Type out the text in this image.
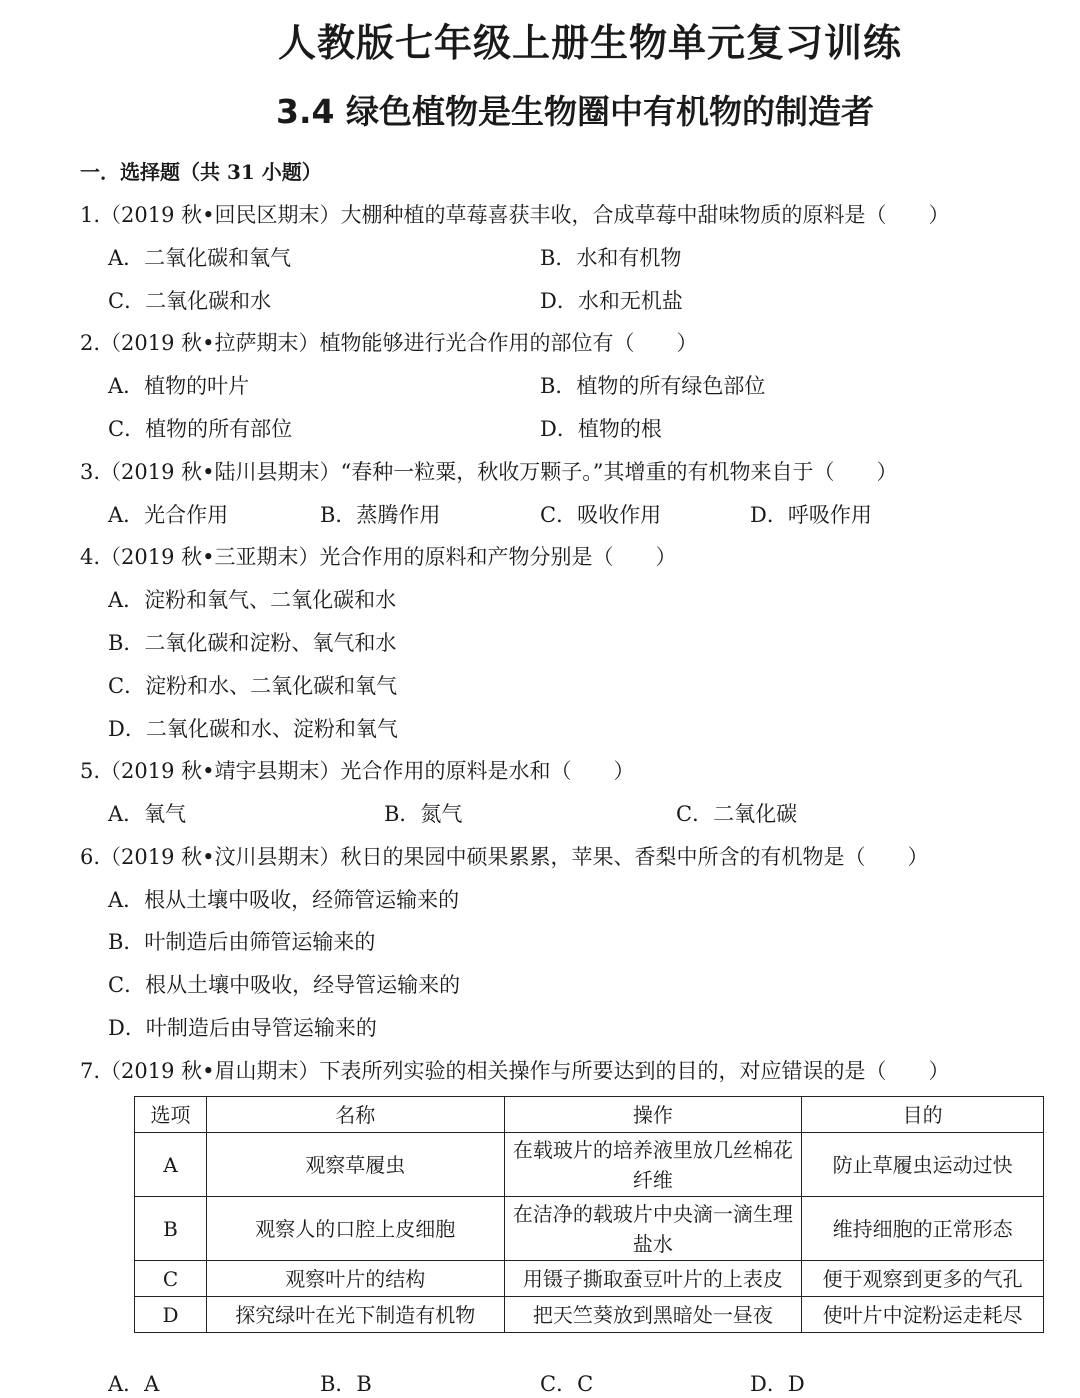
人教版七年级上册生物单元复习训练
3.4 绿色植物是生物圈中有机物的制造者
一．选择题（共 31 小题）
1.（2019 秋•回民区期末）大棚种植的草莓喜获丰收，合成草莓中甜味物质的原料是（　　）
A．二氧化碳和氧气	B．水和有机物
C．二氧化碳和水	D．水和无机盐
2.（2019 秋•拉萨期末）植物能够进行光合作用的部位有（　　）
A．植物的叶片	B．植物的所有绿色部位
C．植物的所有部位	D．植物的根
3.（2019 秋•陆川县期末）“春种一粒粟，秋收万颗子。”其增重的有机物来自于（　　）
A．光合作用	B．蒸腾作用	C．吸收作用	D．呼吸作用
4.（2019 秋•三亚期末）光合作用的原料和产物分别是（　　）
A．淀粉和氧气、二氧化碳和水
B．二氧化碳和淀粉、氧气和水
C．淀粉和水、二氧化碳和氧气
D．二氧化碳和水、淀粉和氧气
5.（2019 秋•靖宇县期末）光合作用的原料是水和（　　）
A．氧气	B．氮气	C．二氧化碳
6.（2019 秋•汶川县期末）秋日的果园中硕果累累，苹果、香梨中所含的有机物是（　　）
A．根从土壤中吸收，经筛管运输来的
B．叶制造后由筛管运输来的
C．根从土壤中吸收，经导管运输来的
D．叶制造后由导管运输来的
7.（2019 秋•眉山期末）下表所列实验的相关操作与所要达到的目的，对应错误的是（　　）
选项	名称	操作	目的
A	观察草履虫	在载玻片的培养液里放几丝棉花纤维	防止草履虫运动过快
B	观察人的口腔上皮细胞	在洁净的载玻片中央滴一滴生理盐水	维持细胞的正常形态
C	观察叶片的结构	用镊子撕取蚕豆叶片的上表皮	便于观察到更多的气孔
D	探究绿叶在光下制造有机物	把天竺葵放到黑暗处一昼夜	使叶片中淀粉运走耗尽
A．A	B．B	C．C	D．D
